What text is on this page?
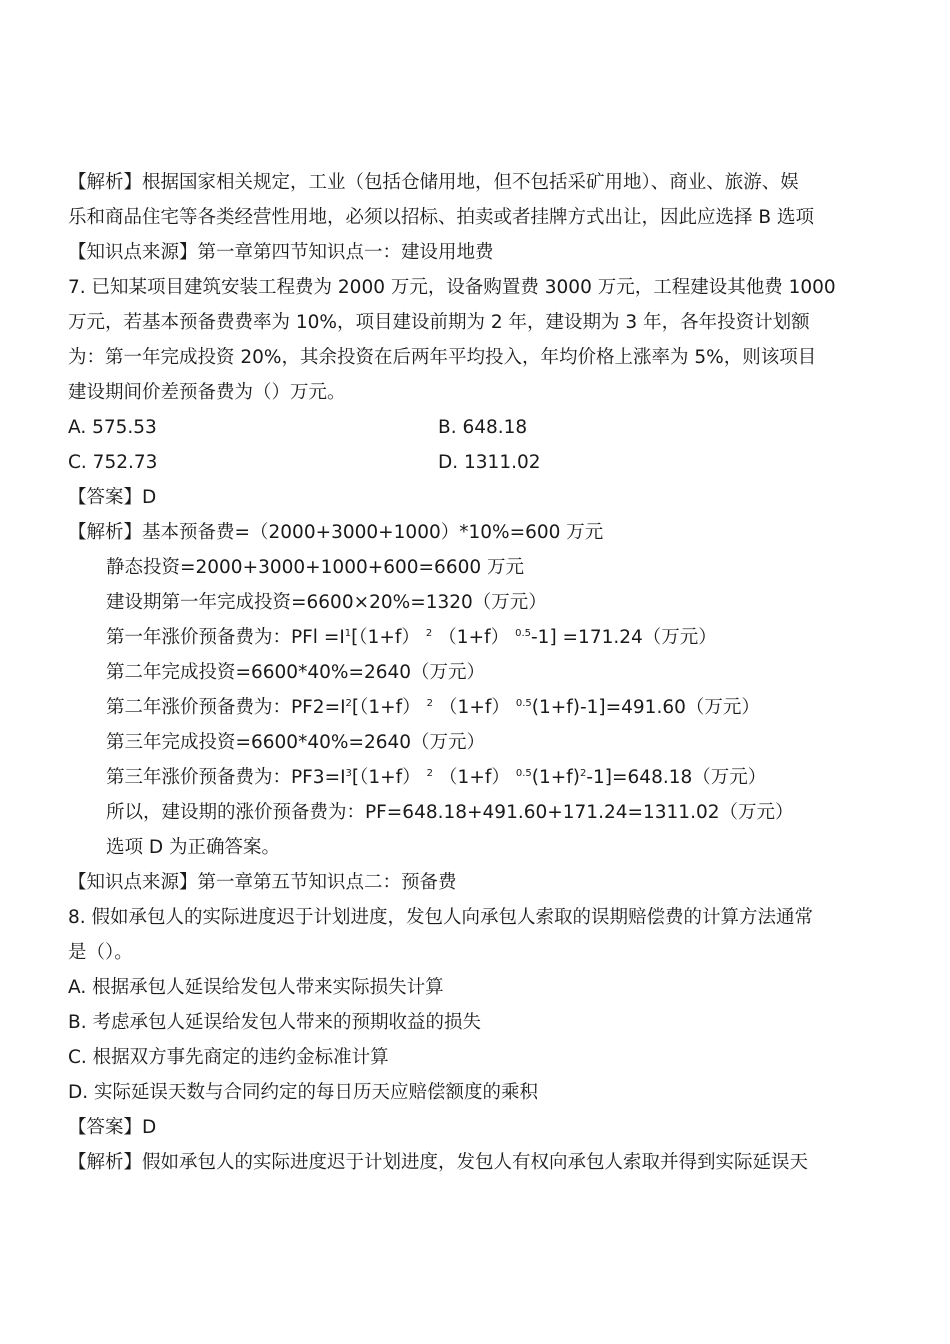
【解析】根据国家相关规定，工业（包括仓储用地，但不包括采矿用地）、商业、旅游、娱
乐和商品住宅等各类经营性用地，必须以招标、拍卖或者挂牌方式出让，因此应选择 B 选项
【知识点来源】第一章第四节知识点一：建设用地费
7. 已知某项目建筑安装工程费为 2000 万元，设备购置费 3000 万元，工程建设其他费 1000
万元，若基本预备费费率为 10%，项目建设前期为 2 年，建设期为 3 年，各年投资计划额
为：第一年完成投资 20%，其余投资在后两年平均投入，年均价格上涨率为 5%，则该项目
建设期间价差预备费为（）万元。
A. 575.53	B. 648.18
C. 752.73	D. 1311.02
【答案】D
【解析】基本预备费=（2000+3000+1000）*10%=600 万元
静态投资=2000+3000+1000+600=6600 万元
建设期第一年完成投资=6600×20%=1320（万元）
第一年涨价预备费为：PFl $=I^1[(1+f)$ $^2$ （1+f） $^{0.5}$-1] =171.24（万元）
第二年完成投资=6600*40%=2640（万元）
第二年涨价预备费为：$PF2=I^2[(1+f)$ $^2$ （1+f） $^{0.5}$(1+f)-1]=491.60（万元）
第三年完成投资=6600*40%=2640（万元）
第三年涨价预备费为：$PF3=I^3[(1+f)$ $^2$ （1+f） $^{0.5}(1+f)^2-1]=648.18$（万元）
所以，建设期的涨价预备费为：PF=648.18+491.60+171.24=1311.02（万元）
选项 D 为正确答案。
【知识点来源】第一章第五节知识点二：预备费
8. 假如承包人的实际进度迟于计划进度，发包人向承包人索取的误期赔偿费的计算方法通常
是（）。
A. 根据承包人延误给发包人带来实际损失计算
B. 考虑承包人延误给发包人带来的预期收益的损失
C. 根据双方事先商定的违约金标准计算
D. 实际延误天数与合同约定的每日历天应赔偿额度的乘积
【答案】D
【解析】假如承包人的实际进度迟于计划进度，发包人有权向承包人索取并得到实际延误天
